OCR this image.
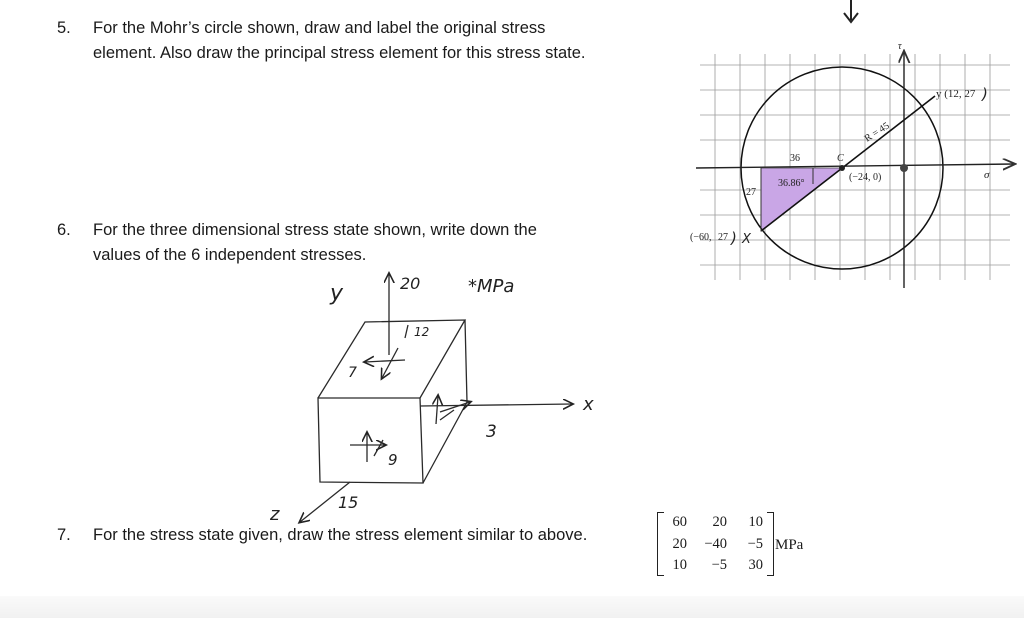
5. For the Mohr’s circle shown, draw and label the original stress
element. Also draw the principal stress element for this stress state.
6. For the three dimensional stress state shown, write down the
values of the 6 independent stresses.
7. For the stress state given, draw the stress element similar to above.
τ
σ
y (12, 27 )
R = 45
C
(−24, 0)
36
36.86°
27
(−60, 27 ) X
y	20	*MPa
12
7
x
3
9
15
z	60	20	10
20	−40	−5
10	−5	30
MPa
